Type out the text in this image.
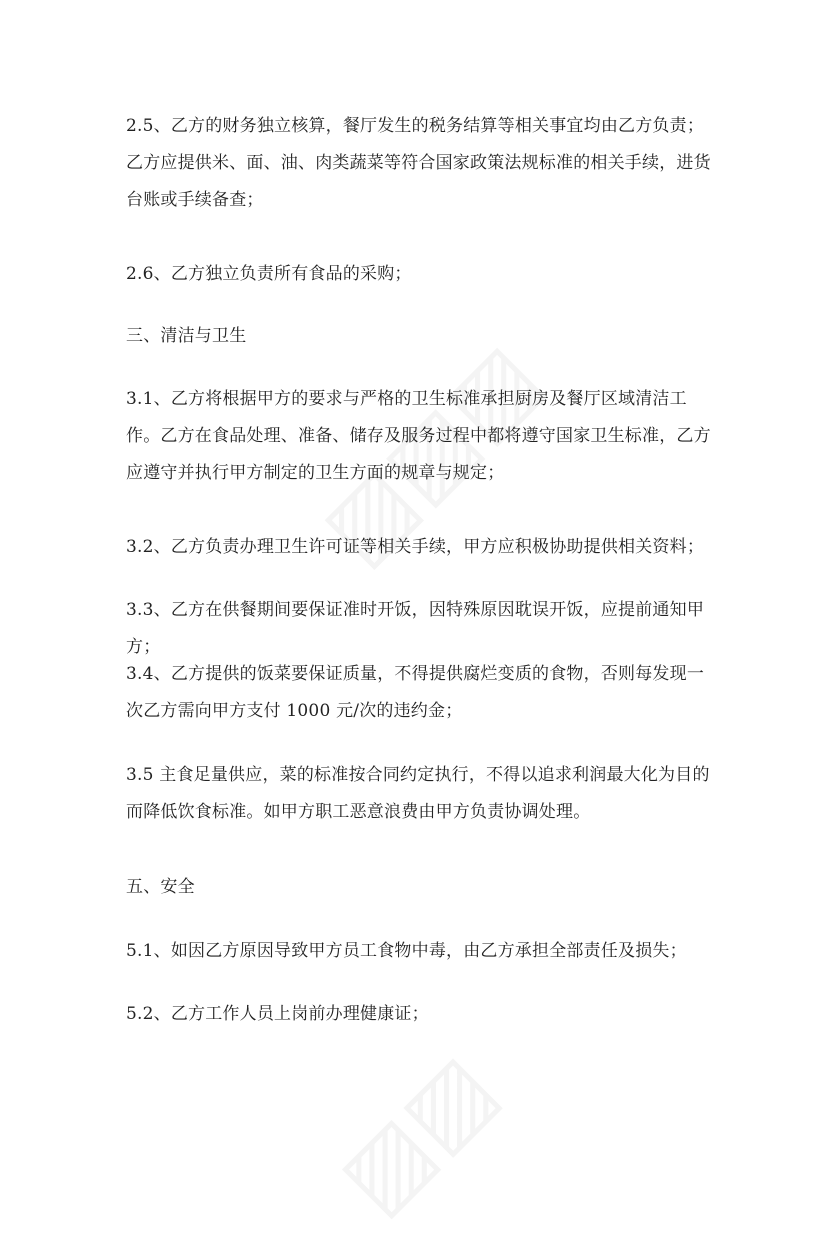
2.5、乙方的财务独立核算，餐厅发生的税务结算等相关事宜均由乙方负责；乙方应提供米、面、油、肉类蔬菜等符合国家政策法规标准的相关手续，进货台账或手续备查；

2.6、乙方独立负责所有食品的采购；

三、清洁与卫生

3.1、乙方将根据甲方的要求与严格的卫生标准承担厨房及餐厅区域清洁工作。乙方在食品处理、准备、储存及服务过程中都将遵守国家卫生标准，乙方应遵守并执行甲方制定的卫生方面的规章与规定；

3.2、乙方负责办理卫生许可证等相关手续，甲方应积极协助提供相关资料；

3.3、乙方在供餐期间要保证准时开饭，因特殊原因耽误开饭，应提前通知甲方；

3.4、乙方提供的饭菜要保证质量，不得提供腐烂变质的食物，否则每发现一次乙方需向甲方支付 1000 元/次的违约金；

3.5 主食足量供应，菜的标准按合同约定执行，不得以追求利润最大化为目的而降低饮食标准。如甲方职工恶意浪费由甲方负责协调处理。

五、安全

5.1、如因乙方原因导致甲方员工食物中毒，由乙方承担全部责任及损失；

5.2、乙方工作人员上岗前办理健康证；
